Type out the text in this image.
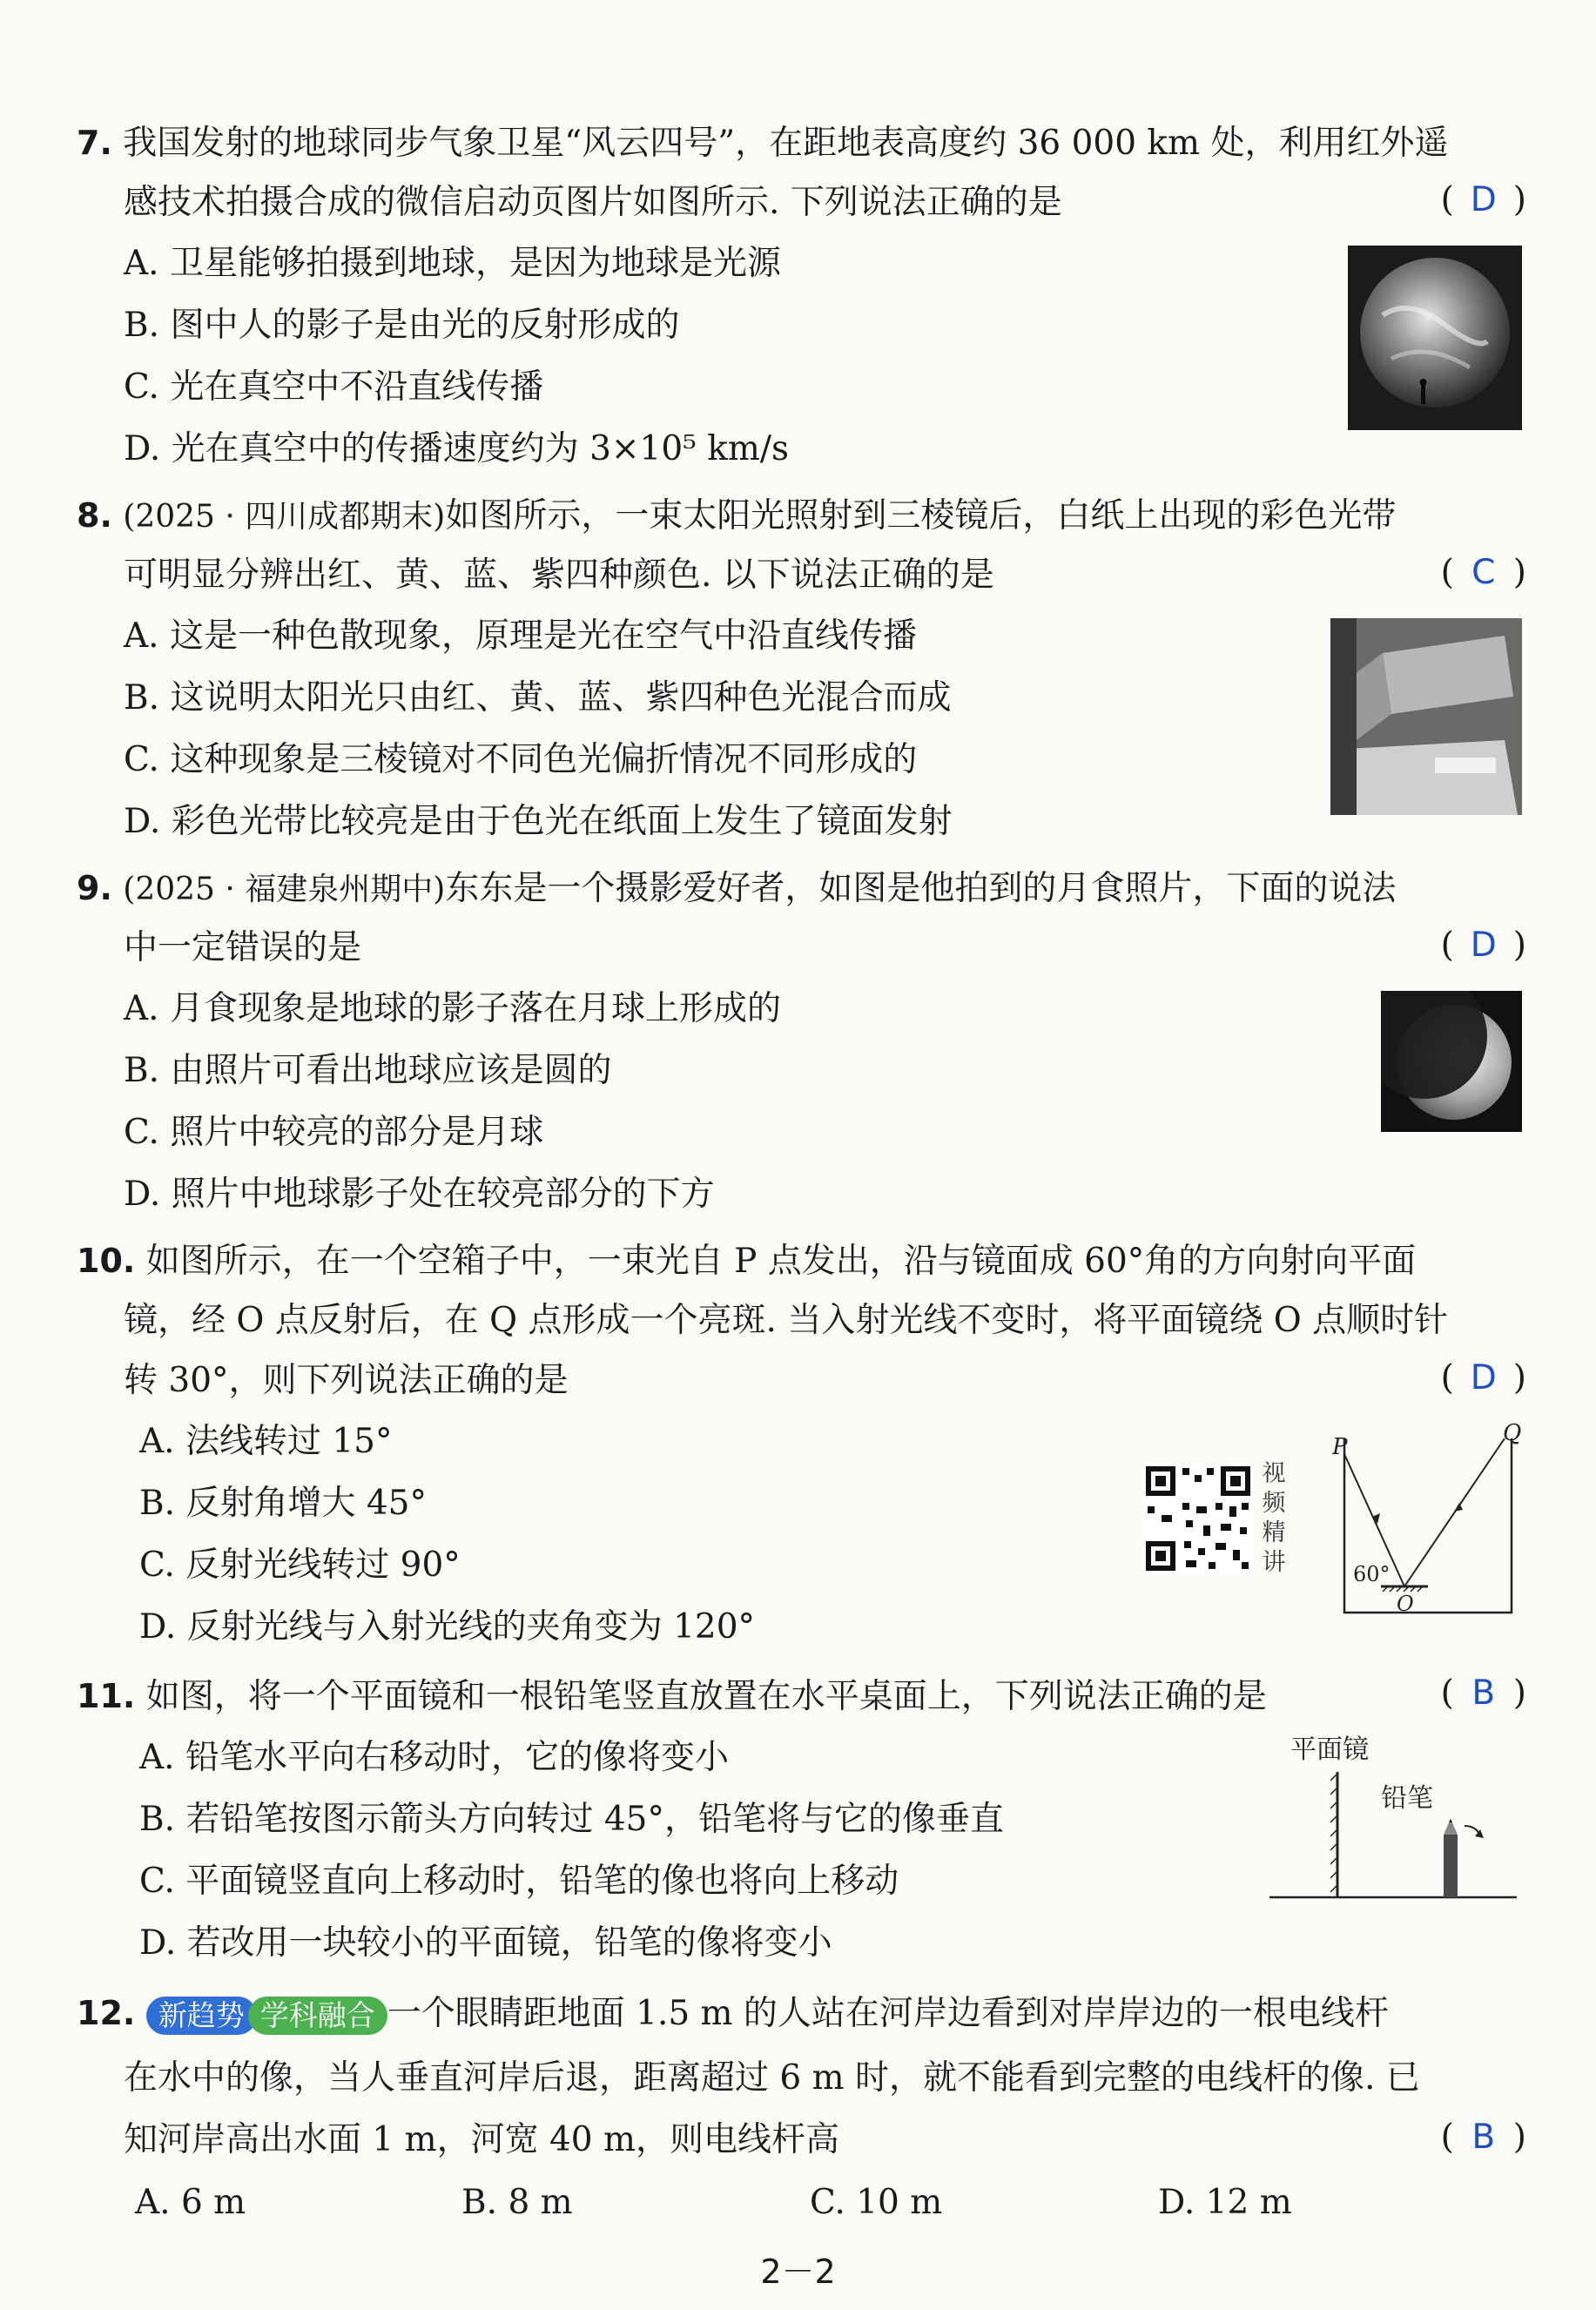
7. 我国发射的地球同步气象卫星“风云四号”，在距地表高度约 36 000 km 处，利用红外遥
感技术拍摄合成的微信启动页图片如图所示. 下列说法正确的是	( D )
A. 卫星能够拍摄到地球，是因为地球是光源
B. 图中人的影子是由光的反射形成的
C. 光在真空中不沿直线传播
D. 光在真空中的传播速度约为 3×10⁵ km/s
8. (2025 · 四川成都期末)如图所示，一束太阳光照射到三棱镜后，白纸上出现的彩色光带
可明显分辨出红、黄、蓝、紫四种颜色. 以下说法正确的是	( C )
A. 这是一种色散现象，原理是光在空气中沿直线传播
B. 这说明太阳光只由红、黄、蓝、紫四种色光混合而成
C. 这种现象是三棱镜对不同色光偏折情况不同形成的
D. 彩色光带比较亮是由于色光在纸面上发生了镜面发射
9. (2025 · 福建泉州期中)东东是一个摄影爱好者，如图是他拍到的月食照片，下面的说法
中一定错误的是	( D )
A. 月食现象是地球的影子落在月球上形成的
B. 由照片可看出地球应该是圆的
C. 照片中较亮的部分是月球
D. 照片中地球影子处在较亮部分的下方
10. 如图所示，在一个空箱子中，一束光自 P 点发出，沿与镜面成 60°角的方向射向平面
镜，经 O 点反射后，在 Q 点形成一个亮斑. 当入射光线不变时，将平面镜绕 O 点顺时针
转 30°，则下列说法正确的是	( D )
A. 法线转过 15°
B. 反射角增大 45°
C. 反射光线转过 90°
D. 反射光线与入射光线的夹角变为 120°
视
频
精
讲
P
Q
O
60°
11. 如图，将一个平面镜和一根铅笔竖直放置在水平桌面上，下列说法正确的是	( B )
A. 铅笔水平向右移动时，它的像将变小
B. 若铅笔按图示箭头方向转过 45°，铅笔将与它的像垂直
C. 平面镜竖直向上移动时，铅笔的像也将向上移动
D. 若改用一块较小的平面镜，铅笔的像将变小
平面镜
铅笔
12. 新趋势 学科融合 一个眼睛距地面 1.5 m 的人站在河岸边看到对岸岸边的一根电线杆
在水中的像，当人垂直河岸后退，距离超过 6 m 时，就不能看到完整的电线杆的像. 已
知河岸高出水面 1 m，河宽 40 m，则电线杆高	( B )
A. 6 m	B. 8 m	C. 10 m	D. 12 m
2－2
